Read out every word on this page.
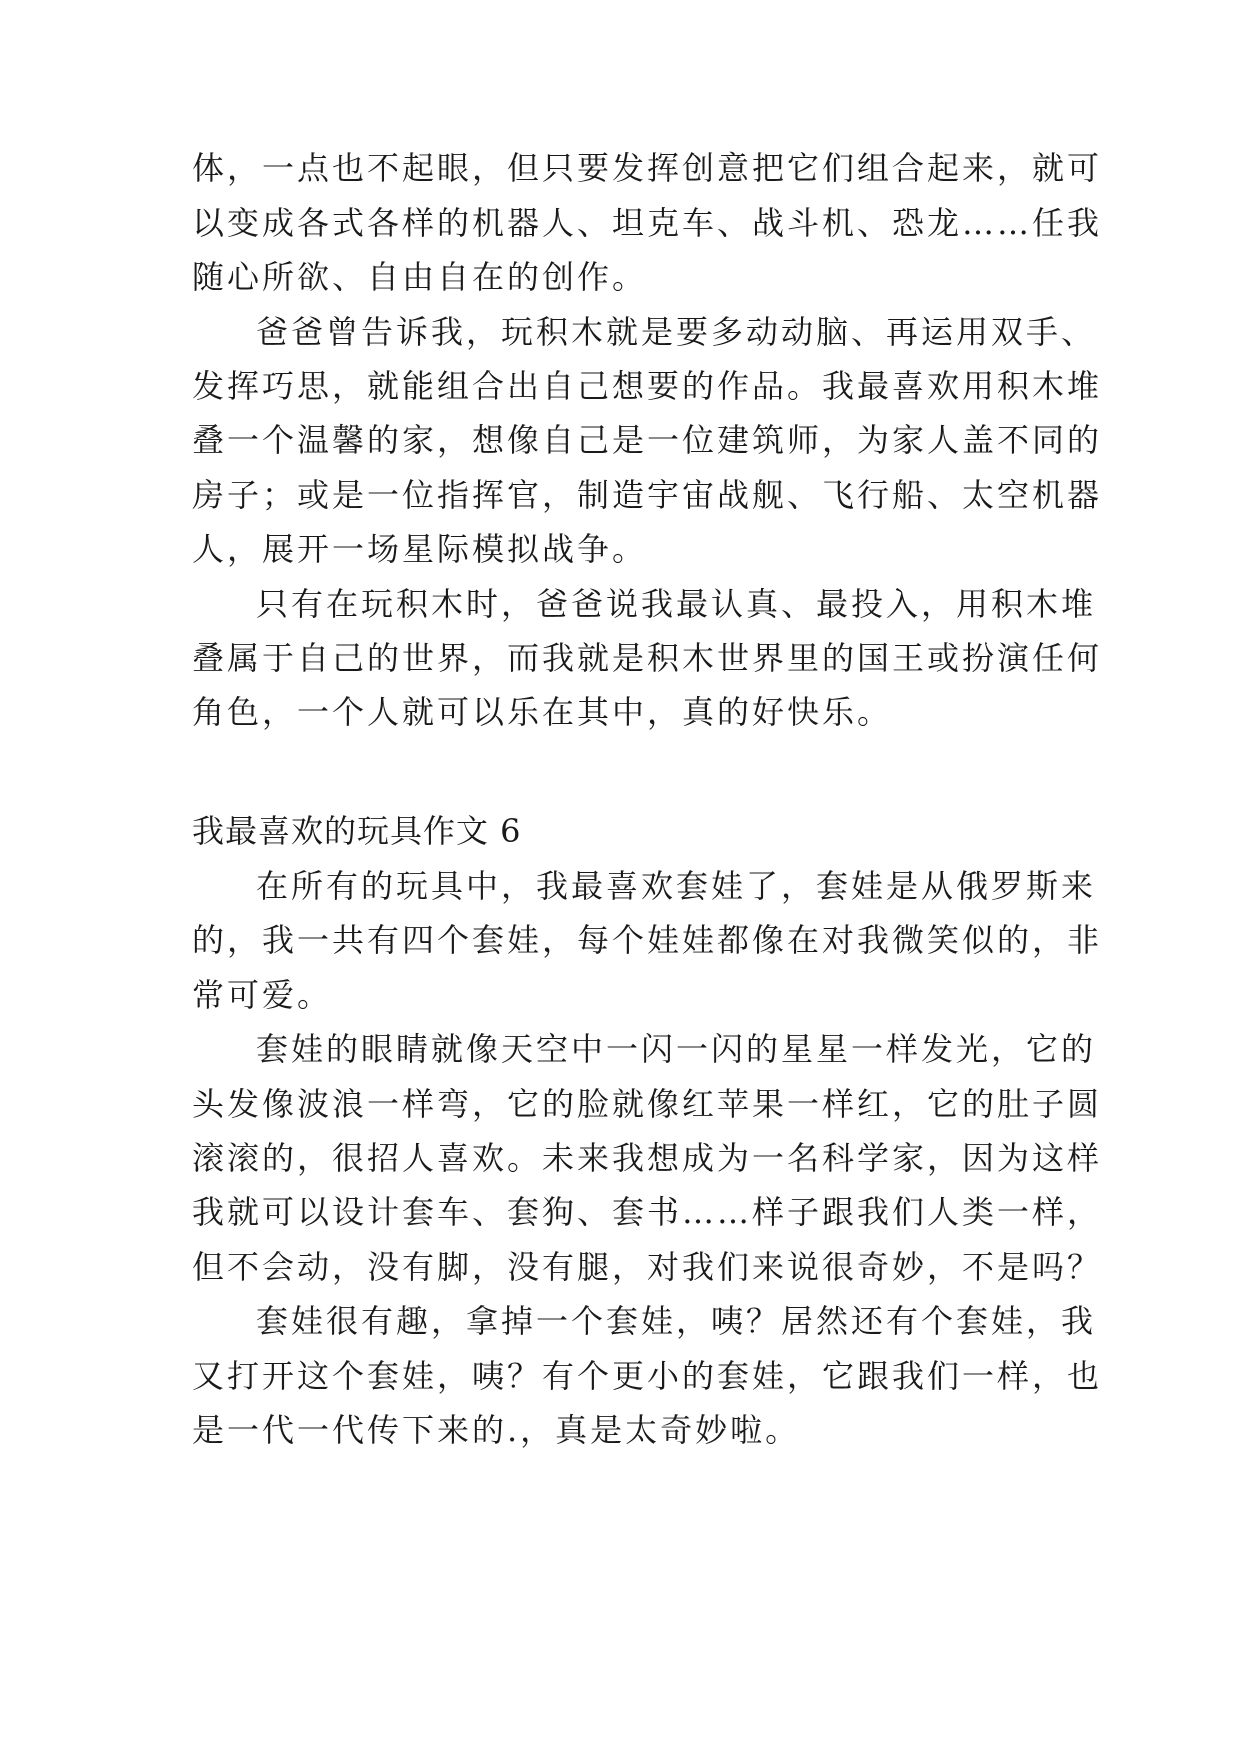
体，一点也不起眼，但只要发挥创意把它们组合起来，就可
以变成各式各样的机器人、坦克车、战斗机、恐龙……任我
随心所欲、自由自在的创作。
爸爸曾告诉我，玩积木就是要多动动脑、再运用双手、
发挥巧思，就能组合出自己想要的作品。我最喜欢用积木堆
叠一个温馨的家，想像自己是一位建筑师，为家人盖不同的
房子；或是一位指挥官，制造宇宙战舰、飞行船、太空机器
人，展开一场星际模拟战争。
只有在玩积木时，爸爸说我最认真、最投入，用积木堆
叠属于自己的世界，而我就是积木世界里的国王或扮演任何
角色，一个人就可以乐在其中，真的好快乐。
我最喜欢的玩具作文 6
在所有的玩具中，我最喜欢套娃了，套娃是从俄罗斯来
的，我一共有四个套娃，每个娃娃都像在对我微笑似的，非
常可爱。
套娃的眼睛就像天空中一闪一闪的星星一样发光，它的
头发像波浪一样弯，它的脸就像红苹果一样红，它的肚子圆
滚滚的，很招人喜欢。未来我想成为一名科学家，因为这样
我就可以设计套车、套狗、套书……样子跟我们人类一样，
但不会动，没有脚，没有腿，对我们来说很奇妙，不是吗？
套娃很有趣，拿掉一个套娃，咦？居然还有个套娃，我
又打开这个套娃，咦？有个更小的套娃，它跟我们一样，也
是一代一代传下来的.，真是太奇妙啦。
